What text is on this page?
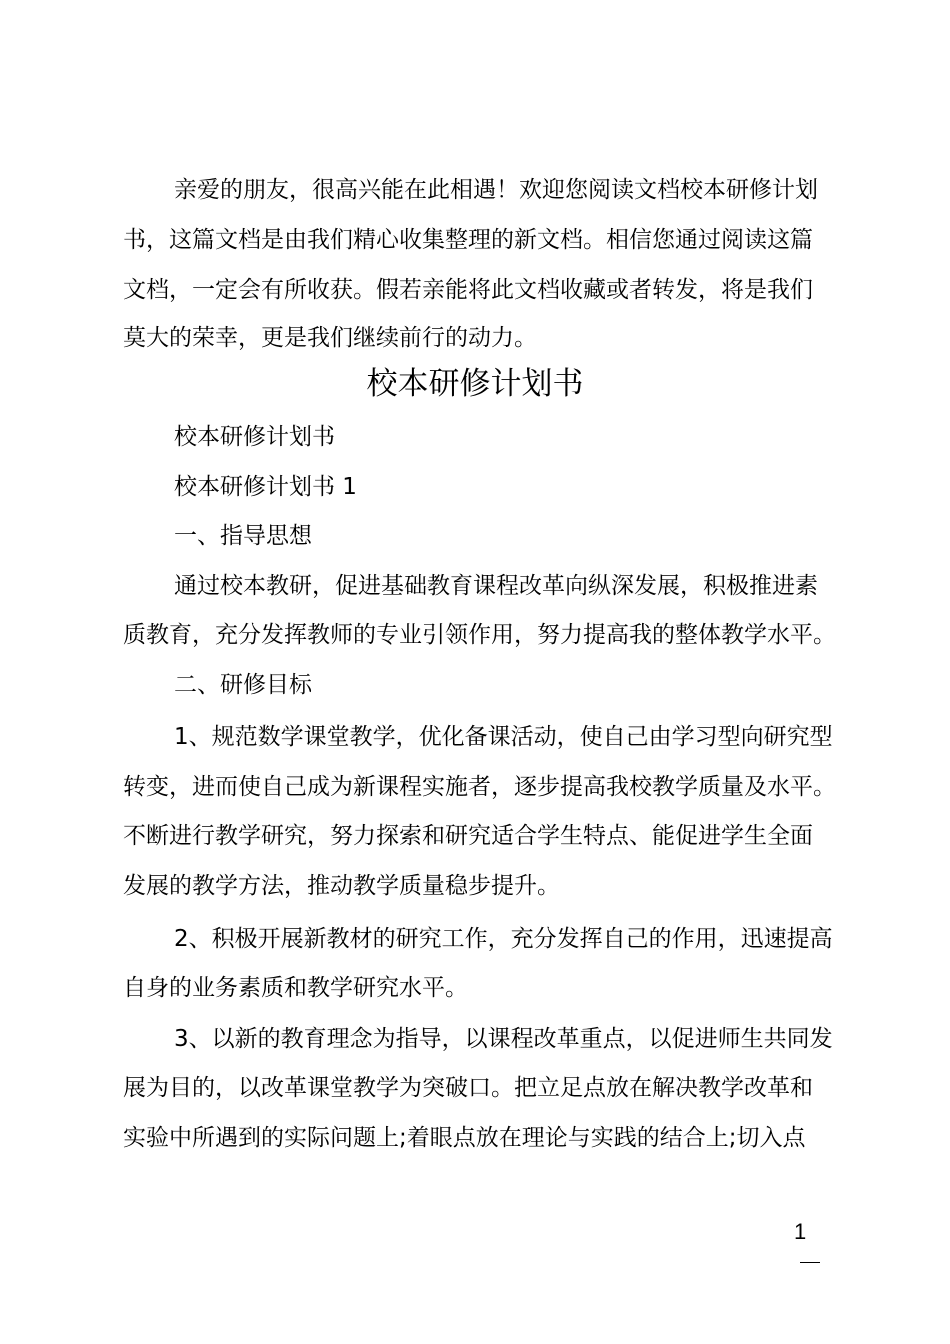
亲爱的朋友，很高兴能在此相遇！欢迎您阅读文档校本研修计划
书，这篇文档是由我们精心收集整理的新文档。相信您通过阅读这篇
文档，一定会有所收获。假若亲能将此文档收藏或者转发，将是我们
莫大的荣幸，更是我们继续前行的动力。
校本研修计划书
校本研修计划书
校本研修计划书 1
一、指导思想
通过校本教研，促进基础教育课程改革向纵深发展，积极推进素
质教育，充分发挥教师的专业引领作用，努力提高我的整体教学水平。
二、研修目标
1、规范数学课堂教学，优化备课活动，使自己由学习型向研究型
转变，进而使自己成为新课程实施者，逐步提高我校教学质量及水平。
不断进行教学研究，努力探索和研究适合学生特点、能促进学生全面
发展的教学方法，推动教学质量稳步提升。
2、积极开展新教材的研究工作，充分发挥自己的作用，迅速提高
自身的业务素质和教学研究水平。
3、以新的教育理念为指导，以课程改革重点，以促进师生共同发
展为目的，以改革课堂教学为突破口。把立足点放在解决教学改革和
实验中所遇到的实际问题上;着眼点放在理论与实践的结合上;切入点
1
